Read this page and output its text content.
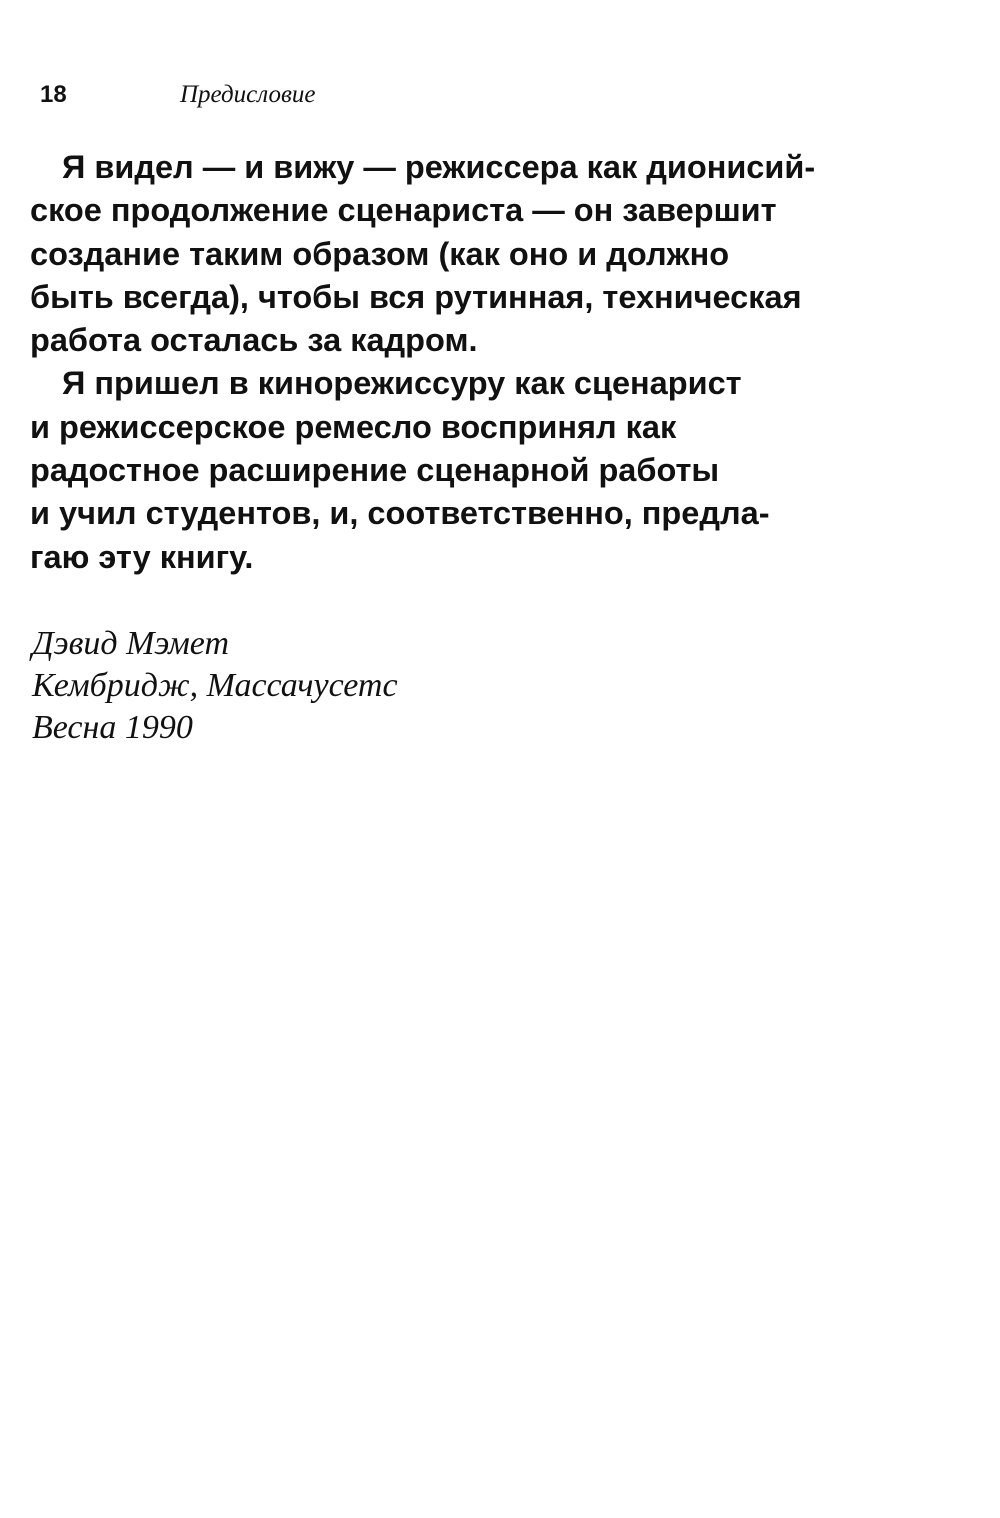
18	Предисловие
Я видел — и вижу — режиссера как дионисий-
ское продолжение сценариста — он завершит
создание таким образом (как оно и должно
быть всегда), чтобы вся рутинная, техническая
работа осталась за кадром.
Я пришел в кинорежиссуру как сценарист
и режиссерское ремесло воспринял как
радостное расширение сценарной работы
и учил студентов, и, соответственно, предла-
гаю эту книгу.
Дэвид Мэмет
Кембридж, Массачусетс
Весна 1990
